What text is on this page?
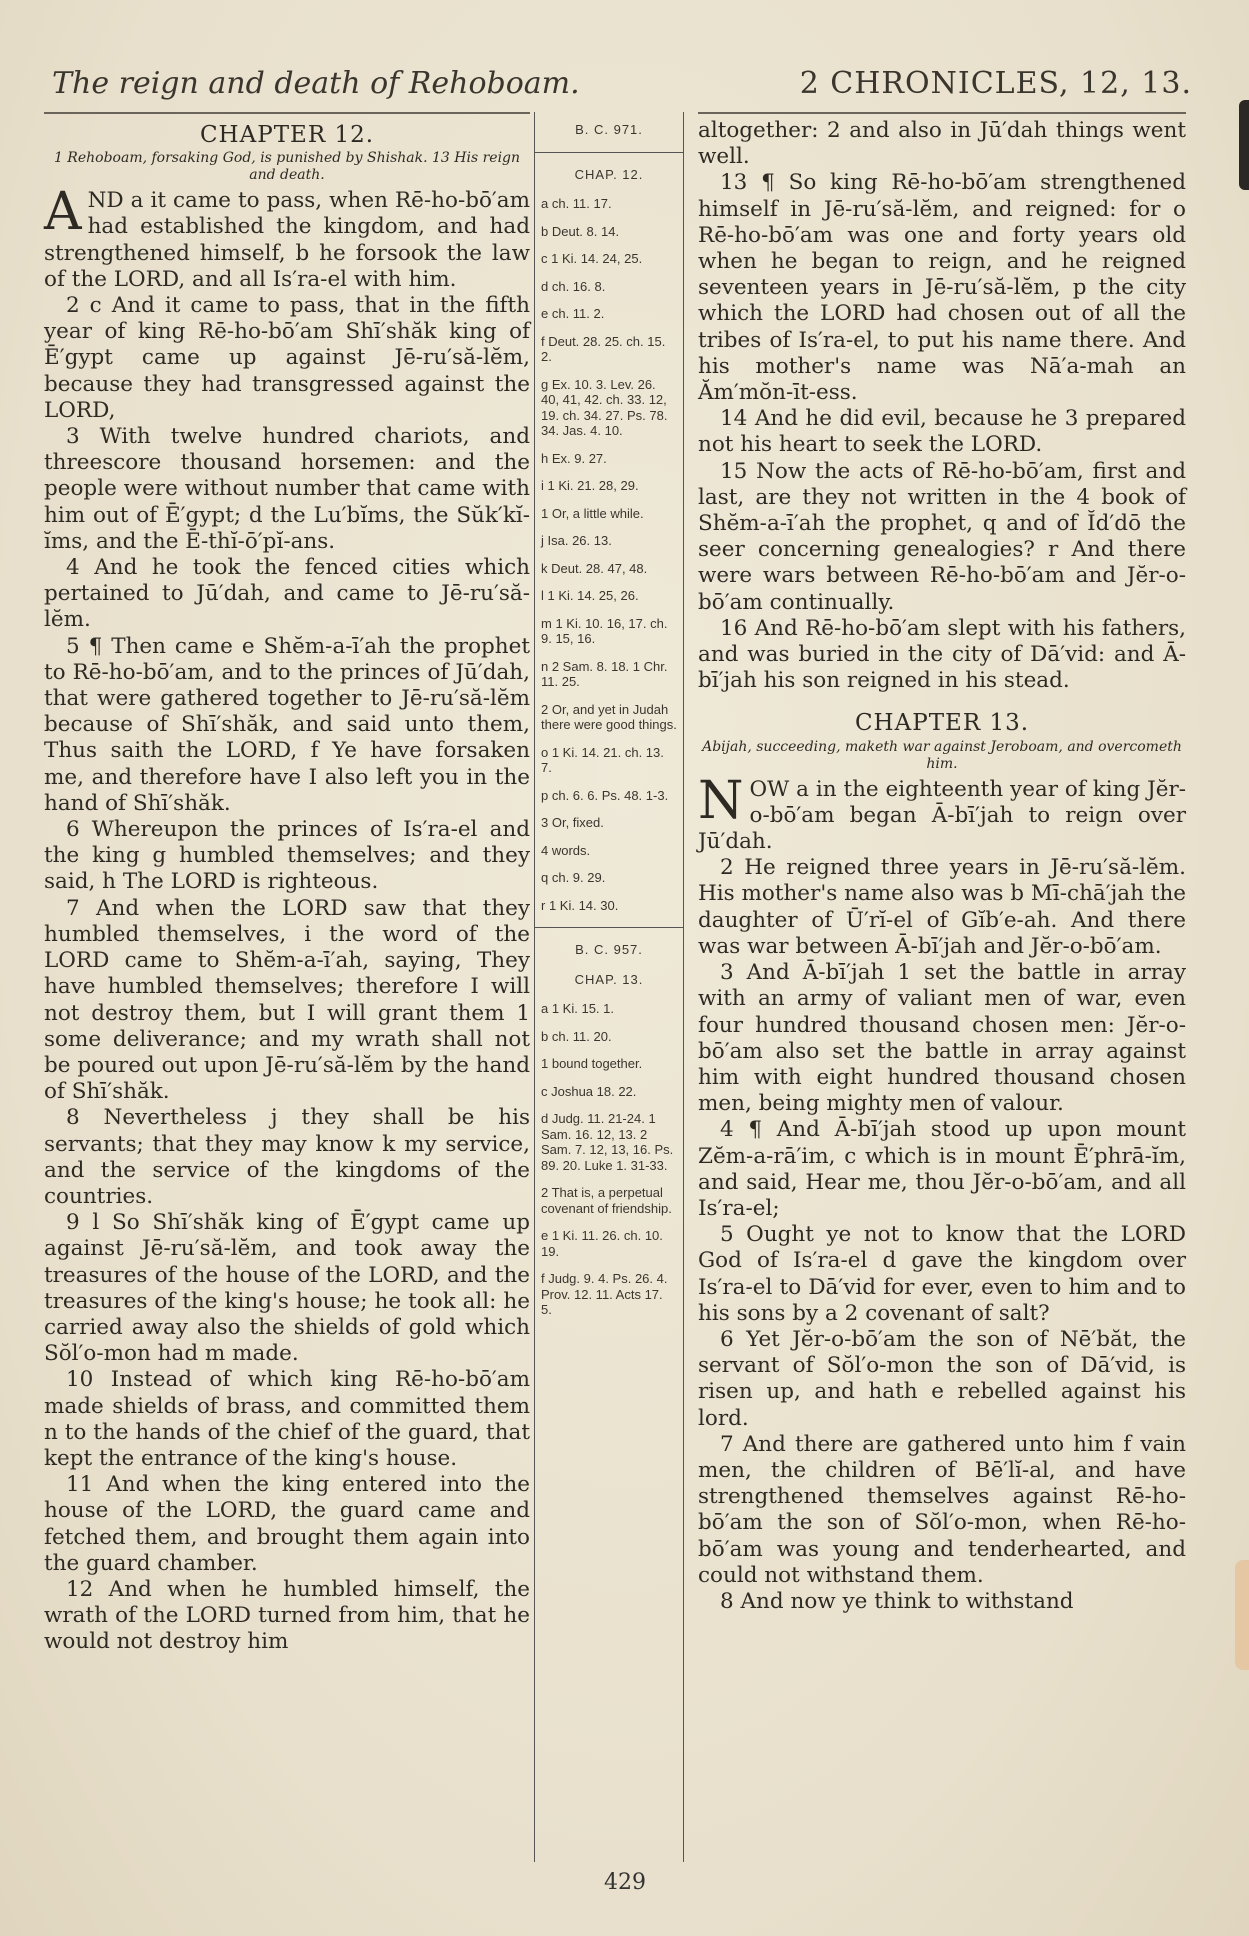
The reign and death of Rehoboam.	2 CHRONICLES, 12, 13.
CHAPTER 12.
1 Rehoboam, forsaking God, is punished by Shishak. 13 His reign and death.
A ND a it came to pass, when Rē-ho-bō′am had established the kingdom, and had strengthened himself, b he forsook the law of the LORD, and all Is′ra-el with him.

2 c And it came to pass, that in the fifth year of king Rē-ho-bō′am Shī′shăk king of Ē′gypt came up against Jē-ru′să-lĕm, because they had transgressed against the LORD,

3 With twelve hundred chariots, and threescore thousand horsemen: and the people were without number that came with him out of Ē′gypt; d the Lu′bĭms, the Sŭk′kĭ-ĭms, and the Ē-thĭ-ō′pĭ-ans.

4 And he took the fenced cities which pertained to Jū′dah, and came to Jē-ru′să-lĕm.

5 ¶ Then came e Shĕm-a-ī′ah the prophet to Rē-ho-bō′am, and to the princes of Jū′dah, that were gathered together to Jē-ru′să-lĕm because of Shī′shăk, and said unto them, Thus saith the LORD, f Ye have forsaken me, and therefore have I also left you in the hand of Shī′shăk.

6 Whereupon the princes of Is′ra-el and the king g humbled themselves; and they said, h The LORD is righteous.

7 And when the LORD saw that they humbled themselves, i the word of the LORD came to Shĕm-a-ī′ah, saying, They have humbled themselves; therefore I will not destroy them, but I will grant them 1 some deliverance; and my wrath shall not be poured out upon Jē-ru′să-lĕm by the hand of Shī′shăk.

8 Nevertheless j they shall be his servants; that they may know k my service, and the service of the kingdoms of the countries.

9 l So Shī′shăk king of Ē′gypt came up against Jē-ru′să-lĕm, and took away the treasures of the house of the LORD, and the treasures of the king's house; he took all: he carried away also the shields of gold which Sŏl′o-mon had m made.

10 Instead of which king Rē-ho-bō′am made shields of brass, and committed them n to the hands of the chief of the guard, that kept the entrance of the king's house.

11 And when the king entered into the house of the LORD, the guard came and fetched them, and brought them again into the guard chamber.

12 And when he humbled himself, the wrath of the LORD turned from him, that he would not destroy him

B. C. 971.
CHAP. 12.
a ch. 11. 17.
b Deut. 8. 14.
c 1 Ki. 14. 24, 25.
d ch. 16. 8.
e ch. 11. 2.
f Deut. 28. 25. ch. 15. 2.
g Ex. 10. 3. Lev. 26. 40, 41, 42. ch. 33. 12, 19. ch. 34. 27. Ps. 78. 34. Jas. 4. 10.
h Ex. 9. 27.
i 1 Ki. 21. 28, 29.
1 Or, a little while.
j Isa. 26. 13.
k Deut. 28. 47, 48.
l 1 Ki. 14. 25, 26.
m 1 Ki. 10. 16, 17. ch. 9. 15, 16.
n 2 Sam. 8. 18. 1 Chr. 11. 25.
2 Or, and yet in Judah there were good things.
o 1 Ki. 14. 21. ch. 13. 7.
p ch. 6. 6. Ps. 48. 1-3.
3 Or, fixed.
4 words.
q ch. 9. 29.
r 1 Ki. 14. 30.
B. C. 957.
CHAP. 13.
a 1 Ki. 15. 1.
b ch. 11. 20.
1 bound together.
c Joshua 18. 22.
d Judg. 11. 21-24. 1 Sam. 16. 12, 13. 2 Sam. 7. 12, 13, 16. Ps. 89. 20. Luke 1. 31-33.
2 That is, a perpetual covenant of friendship.
e 1 Ki. 11. 26. ch. 10. 19.
f Judg. 9. 4. Ps. 26. 4. Prov. 12. 11. Acts 17. 5.

altogether: 2 and also in Jū′dah things went well.

13 ¶ So king Rē-ho-bō′am strengthened himself in Jē-ru′să-lĕm, and reigned: for o Rē-ho-bō′am was one and forty years old when he began to reign, and he reigned seventeen years in Jē-ru′să-lĕm, p the city which the LORD had chosen out of all the tribes of Is′ra-el, to put his name there. And his mother's name was Nā′a-mah an Ăm′mŏn-īt-ess.

14 And he did evil, because he 3 prepared not his heart to seek the LORD.

15 Now the acts of Rē-ho-bō′am, first and last, are they not written in the 4 book of Shĕm-a-ī′ah the prophet, q and of Ĭd′dō the seer concerning genealogies? r And there were wars between Rē-ho-bō′am and Jĕr-o-bō′am continually.

16 And Rē-ho-bō′am slept with his fathers, and was buried in the city of Dā′vid: and Ā-bī′jah his son reigned in his stead.

CHAPTER 13.
Abijah, succeeding, maketh war against Jeroboam, and overcometh him.
N OW a in the eighteenth year of king Jĕr-o-bō′am began Ā-bī′jah to reign over Jū′dah.

2 He reigned three years in Jē-ru′să-lĕm. His mother's name also was b Mī-chā′jah the daughter of Ū′rĭ-el of Gĭb′e-ah. And there was war between Ā-bī′jah and Jĕr-o-bō′am.

3 And Ā-bī′jah 1 set the battle in array with an army of valiant men of war, even four hundred thousand chosen men: Jĕr-o-bō′am also set the battle in array against him with eight hundred thousand chosen men, being mighty men of valour.

4 ¶ And Ā-bī′jah stood up upon mount Zĕm-a-rā′im, c which is in mount Ē′phrā-ĭm, and said, Hear me, thou Jĕr-o-bō′am, and all Is′ra-el;

5 Ought ye not to know that the LORD God of Is′ra-el d gave the kingdom over Is′ra-el to Dā′vid for ever, even to him and to his sons by a 2 covenant of salt?

6 Yet Jĕr-o-bō′am the son of Nē′băt, the servant of Sŏl′o-mon the son of Dā′vid, is risen up, and hath e rebelled against his lord.

7 And there are gathered unto him f vain men, the children of Bē′lĭ-al, and have strengthened themselves against Rē-ho-bō′am the son of Sŏl′o-mon, when Rē-ho-bō′am was young and tenderhearted, and could not withstand them.

8 And now ye think to withstand

429
